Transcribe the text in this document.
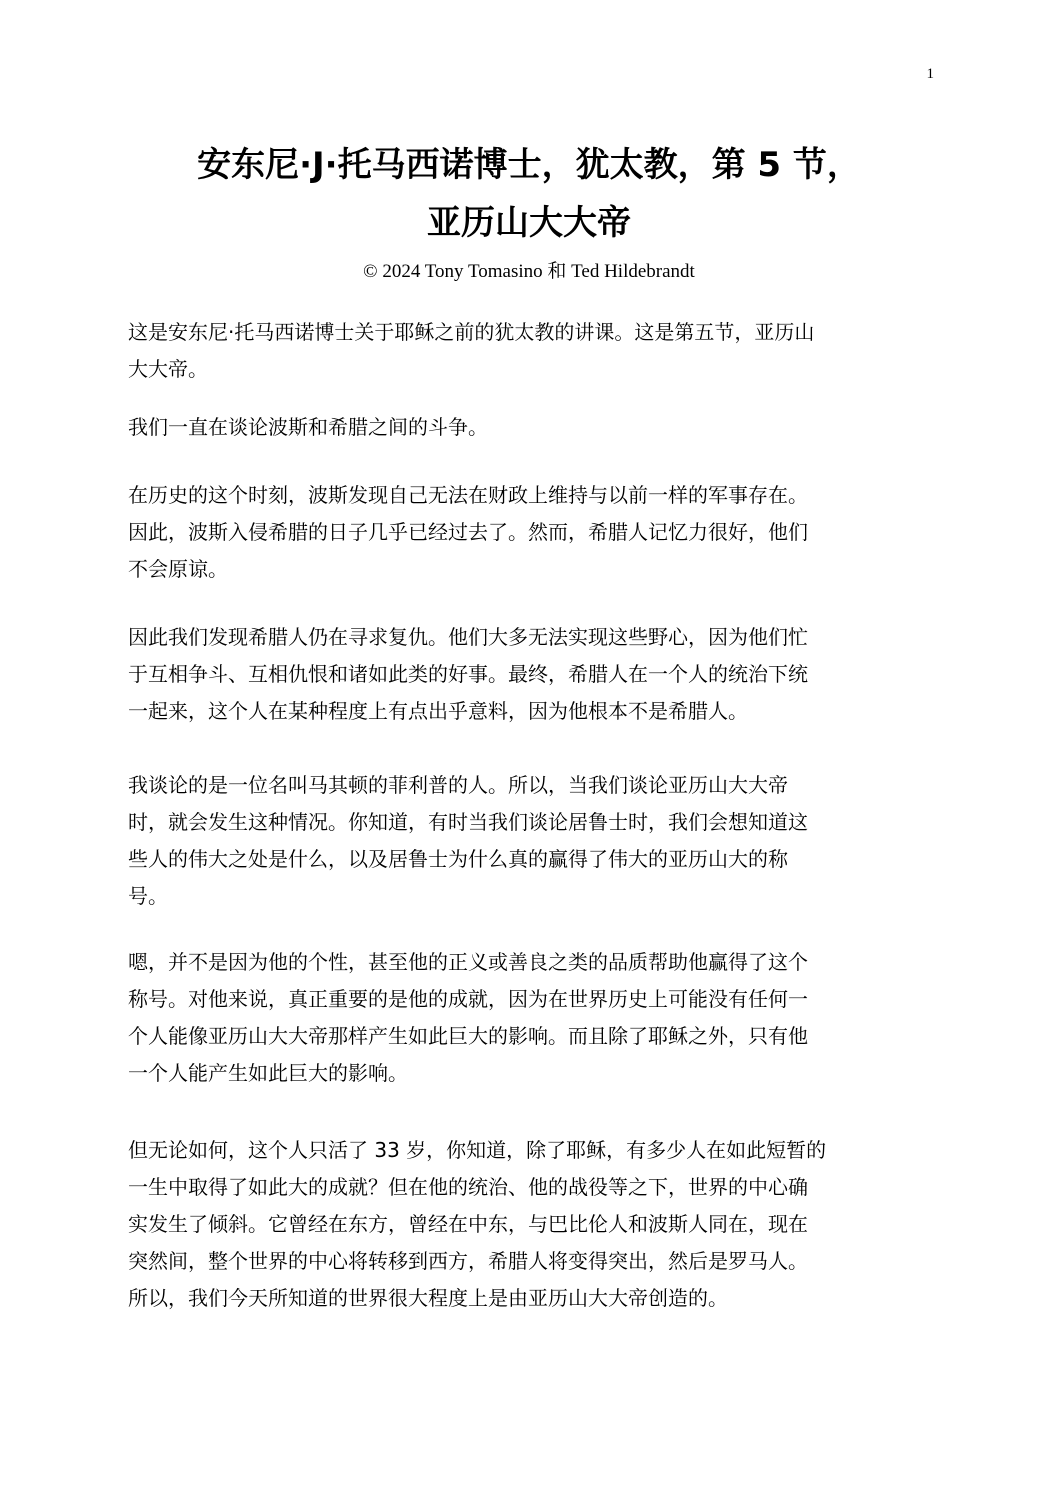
1
安东尼·J·托马西诺博士，犹太教，第 5 节，
亚历山大大帝
© 2024 Tony Tomasino 和 Ted Hildebrandt
这是安东尼·托马西诺博士关于耶稣之前的犹太教的讲课。这是第五节，亚历山
大大帝。
我们一直在谈论波斯和希腊之间的斗争。
在历史的这个时刻，波斯发现自己无法在财政上维持与以前一样的军事存在。
因此，波斯入侵希腊的日子几乎已经过去了。然而，希腊人记忆力很好，他们
不会原谅。
因此我们发现希腊人仍在寻求复仇。他们大多无法实现这些野心，因为他们忙
于互相争斗、互相仇恨和诸如此类的好事。最终，希腊人在一个人的统治下统
一起来，这个人在某种程度上有点出乎意料，因为他根本不是希腊人。
我谈论的是一位名叫马其顿的菲利普的人。所以，当我们谈论亚历山大大帝
时，就会发生这种情况。你知道，有时当我们谈论居鲁士时，我们会想知道这
些人的伟大之处是什么，以及居鲁士为什么真的赢得了伟大的亚历山大的称
号。
嗯，并不是因为他的个性，甚至他的正义或善良之类的品质帮助他赢得了这个
称号。对他来说，真正重要的是他的成就，因为在世界历史上可能没有任何一
个人能像亚历山大大帝那样产生如此巨大的影响。而且除了耶稣之外，只有他
一个人能产生如此巨大的影响。
但无论如何，这个人只活了 33 岁，你知道，除了耶稣，有多少人在如此短暂的
一生中取得了如此大的成就？但在他的统治、他的战役等之下，世界的中心确
实发生了倾斜。它曾经在东方，曾经在中东，与巴比伦人和波斯人同在，现在
突然间，整个世界的中心将转移到西方，希腊人将变得突出，然后是罗马人。
所以，我们今天所知道的世界很大程度上是由亚历山大大帝创造的。
